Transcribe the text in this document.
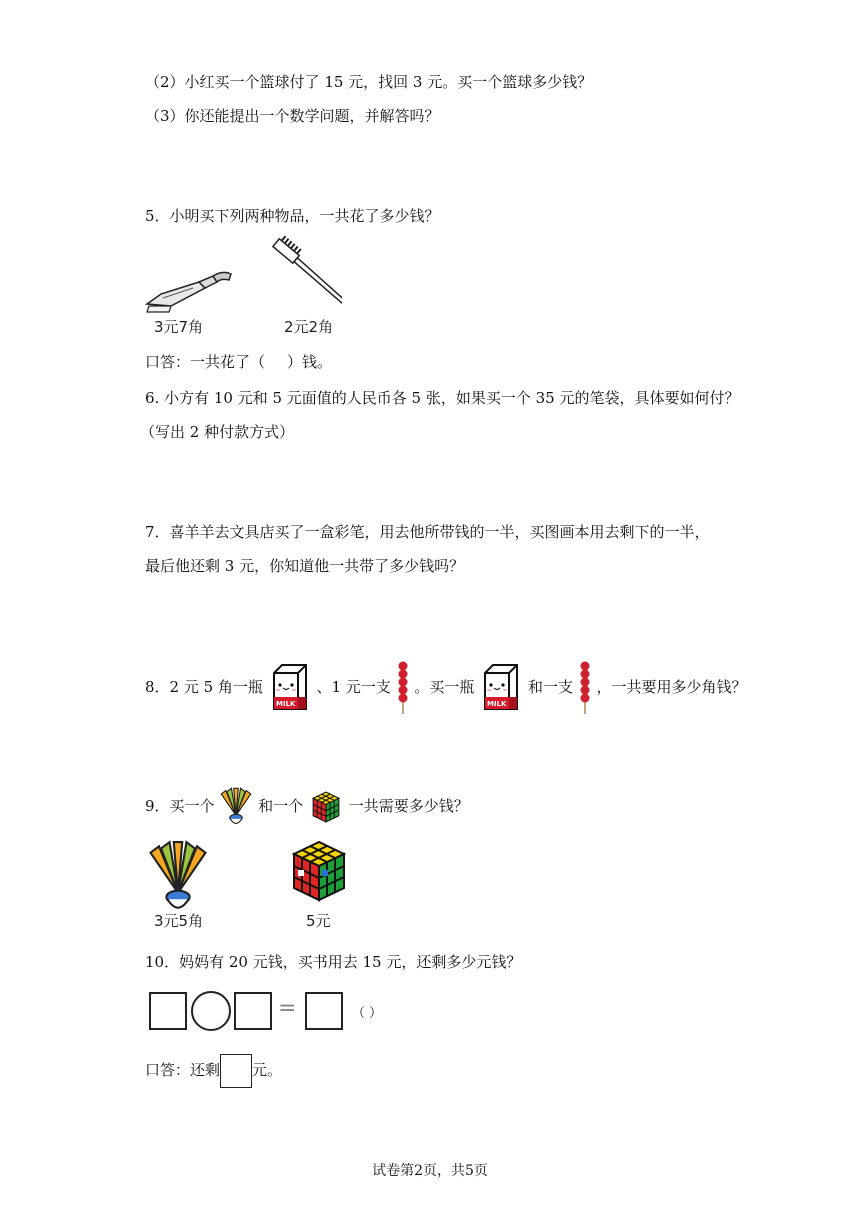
（2）小红买一个篮球付了 15 元，找回 3 元。买一个篮球多少钱？
（3）你还能提出一个数学问题，并解答吗？
5．小明买下列两种物品，一共花了多少钱？
3元7角	2元2角
口答：一共花了（ ）钱。
6. 小方有 10 元和 5 元面值的人民币各 5 张，如果买一个 35 元的笔袋，具体要如何付？
（写出 2 种付款方式）
7．喜羊羊去文具店买了一盒彩笔，用去他所带钱的一半，买图画本用去剩下的一半，
最后他还剩 3 元，你知道他一共带了多少钱吗？
8．2 元 5 角一瓶
MILK
、1 元一支 。买一瓶
MILK
和一支 ，一共要用多少角钱？
9．买一个	和一个	一共需要多少钱？
3元5角	5元
10．妈妈有 20 元钱，买书用去 15 元，还剩多少元钱？
=	（ ）
口答：还剩 元。
试卷第2页，共5页
